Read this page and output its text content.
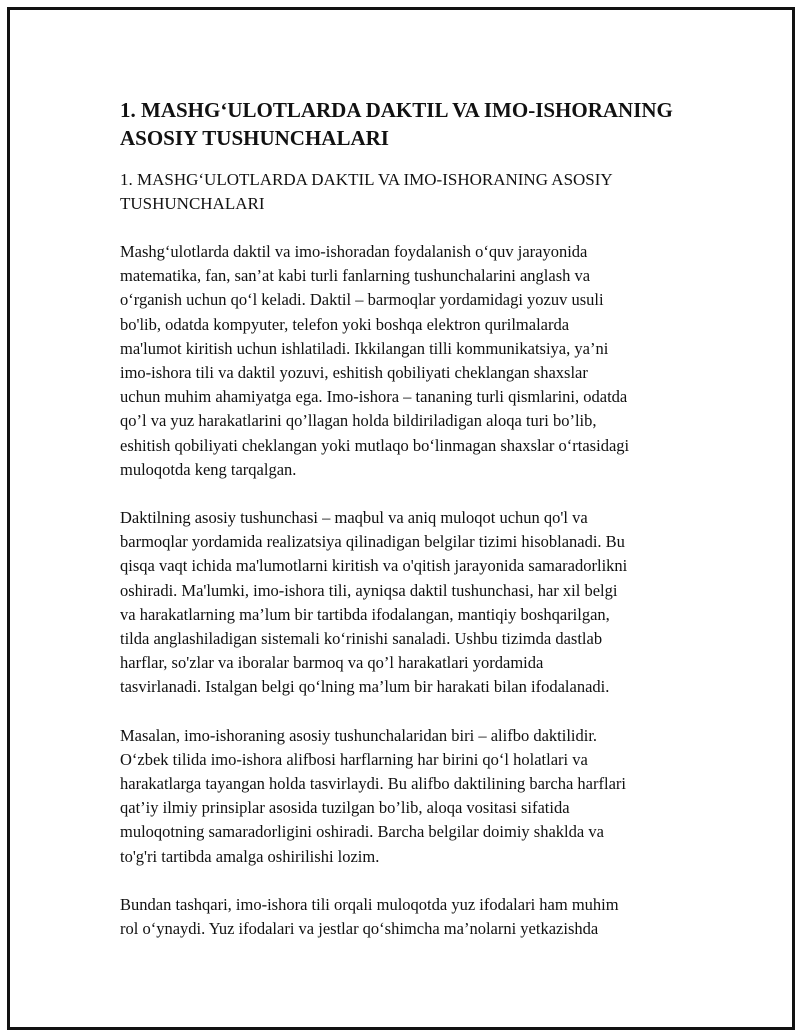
1. MASHG‘ULOTLARDA DAKTIL VA IMO-ISHORANING
ASOSIY TUSHUNCHALARI

1. MASHG‘ULOTLARDA DAKTIL VA IMO-ISHORANING ASOSIY
TUSHUNCHALARI

Mashg‘ulotlarda daktil va imo-ishoradan foydalanish o‘quv jarayonida
matematika, fan, san’at kabi turli fanlarning tushunchalarini anglash va
o‘rganish uchun qo‘l keladi. Daktil – barmoqlar yordamidagi yozuv usuli
bo'lib, odatda kompyuter, telefon yoki boshqa elektron qurilmalarda
ma'lumot kiritish uchun ishlatiladi. Ikkilangan tilli kommunikatsiya, ya’ni
imo-ishora tili va daktil yozuvi, eshitish qobiliyati cheklangan shaxslar
uchun muhim ahamiyatga ega. Imo-ishora – tananing turli qismlarini, odatda
qo’l va yuz harakatlarini qo’llagan holda bildiriladigan aloqa turi bo’lib,
eshitish qobiliyati cheklangan yoki mutlaqo bo‘linmagan shaxslar o‘rtasidagi
muloqotda keng tarqalgan.

Daktilning asosiy tushunchasi – maqbul va aniq muloqot uchun qo'l va
barmoqlar yordamida realizatsiya qilinadigan belgilar tizimi hisoblanadi. Bu
qisqa vaqt ichida ma'lumotlarni kiritish va o'qitish jarayonida samaradorlikni
oshiradi. Ma'lumki, imo-ishora tili, ayniqsa daktil tushunchasi, har xil belgi
va harakatlarning ma’lum bir tartibda ifodalangan, mantiqiy boshqarilgan,
tilda anglashiladigan sistemali ko‘rinishi sanaladi. Ushbu tizimda dastlab
harflar, so'zlar va iboralar barmoq va qo’l harakatlari yordamida
tasvirlanadi. Istalgan belgi qo‘lning ma’lum bir harakati bilan ifodalanadi.

Masalan, imo-ishoraning asosiy tushunchalaridan biri – alifbo daktilidir.
O‘zbek tilida imo-ishora alifbosi harflarning har birini qo‘l holatlari va
harakatlarga tayangan holda tasvirlaydi. Bu alifbo daktilining barcha harflari
qat’iy ilmiy prinsiplar asosida tuzilgan bo’lib, aloqa vositasi sifatida
muloqotning samaradorligini oshiradi. Barcha belgilar doimiy shaklda va
to'g'ri tartibda amalga oshirilishi lozim.

Bundan tashqari, imo-ishora tili orqali muloqotda yuz ifodalari ham muhim
rol o‘ynaydi. Yuz ifodalari va jestlar qo‘shimcha ma’nolarni yetkazishda
